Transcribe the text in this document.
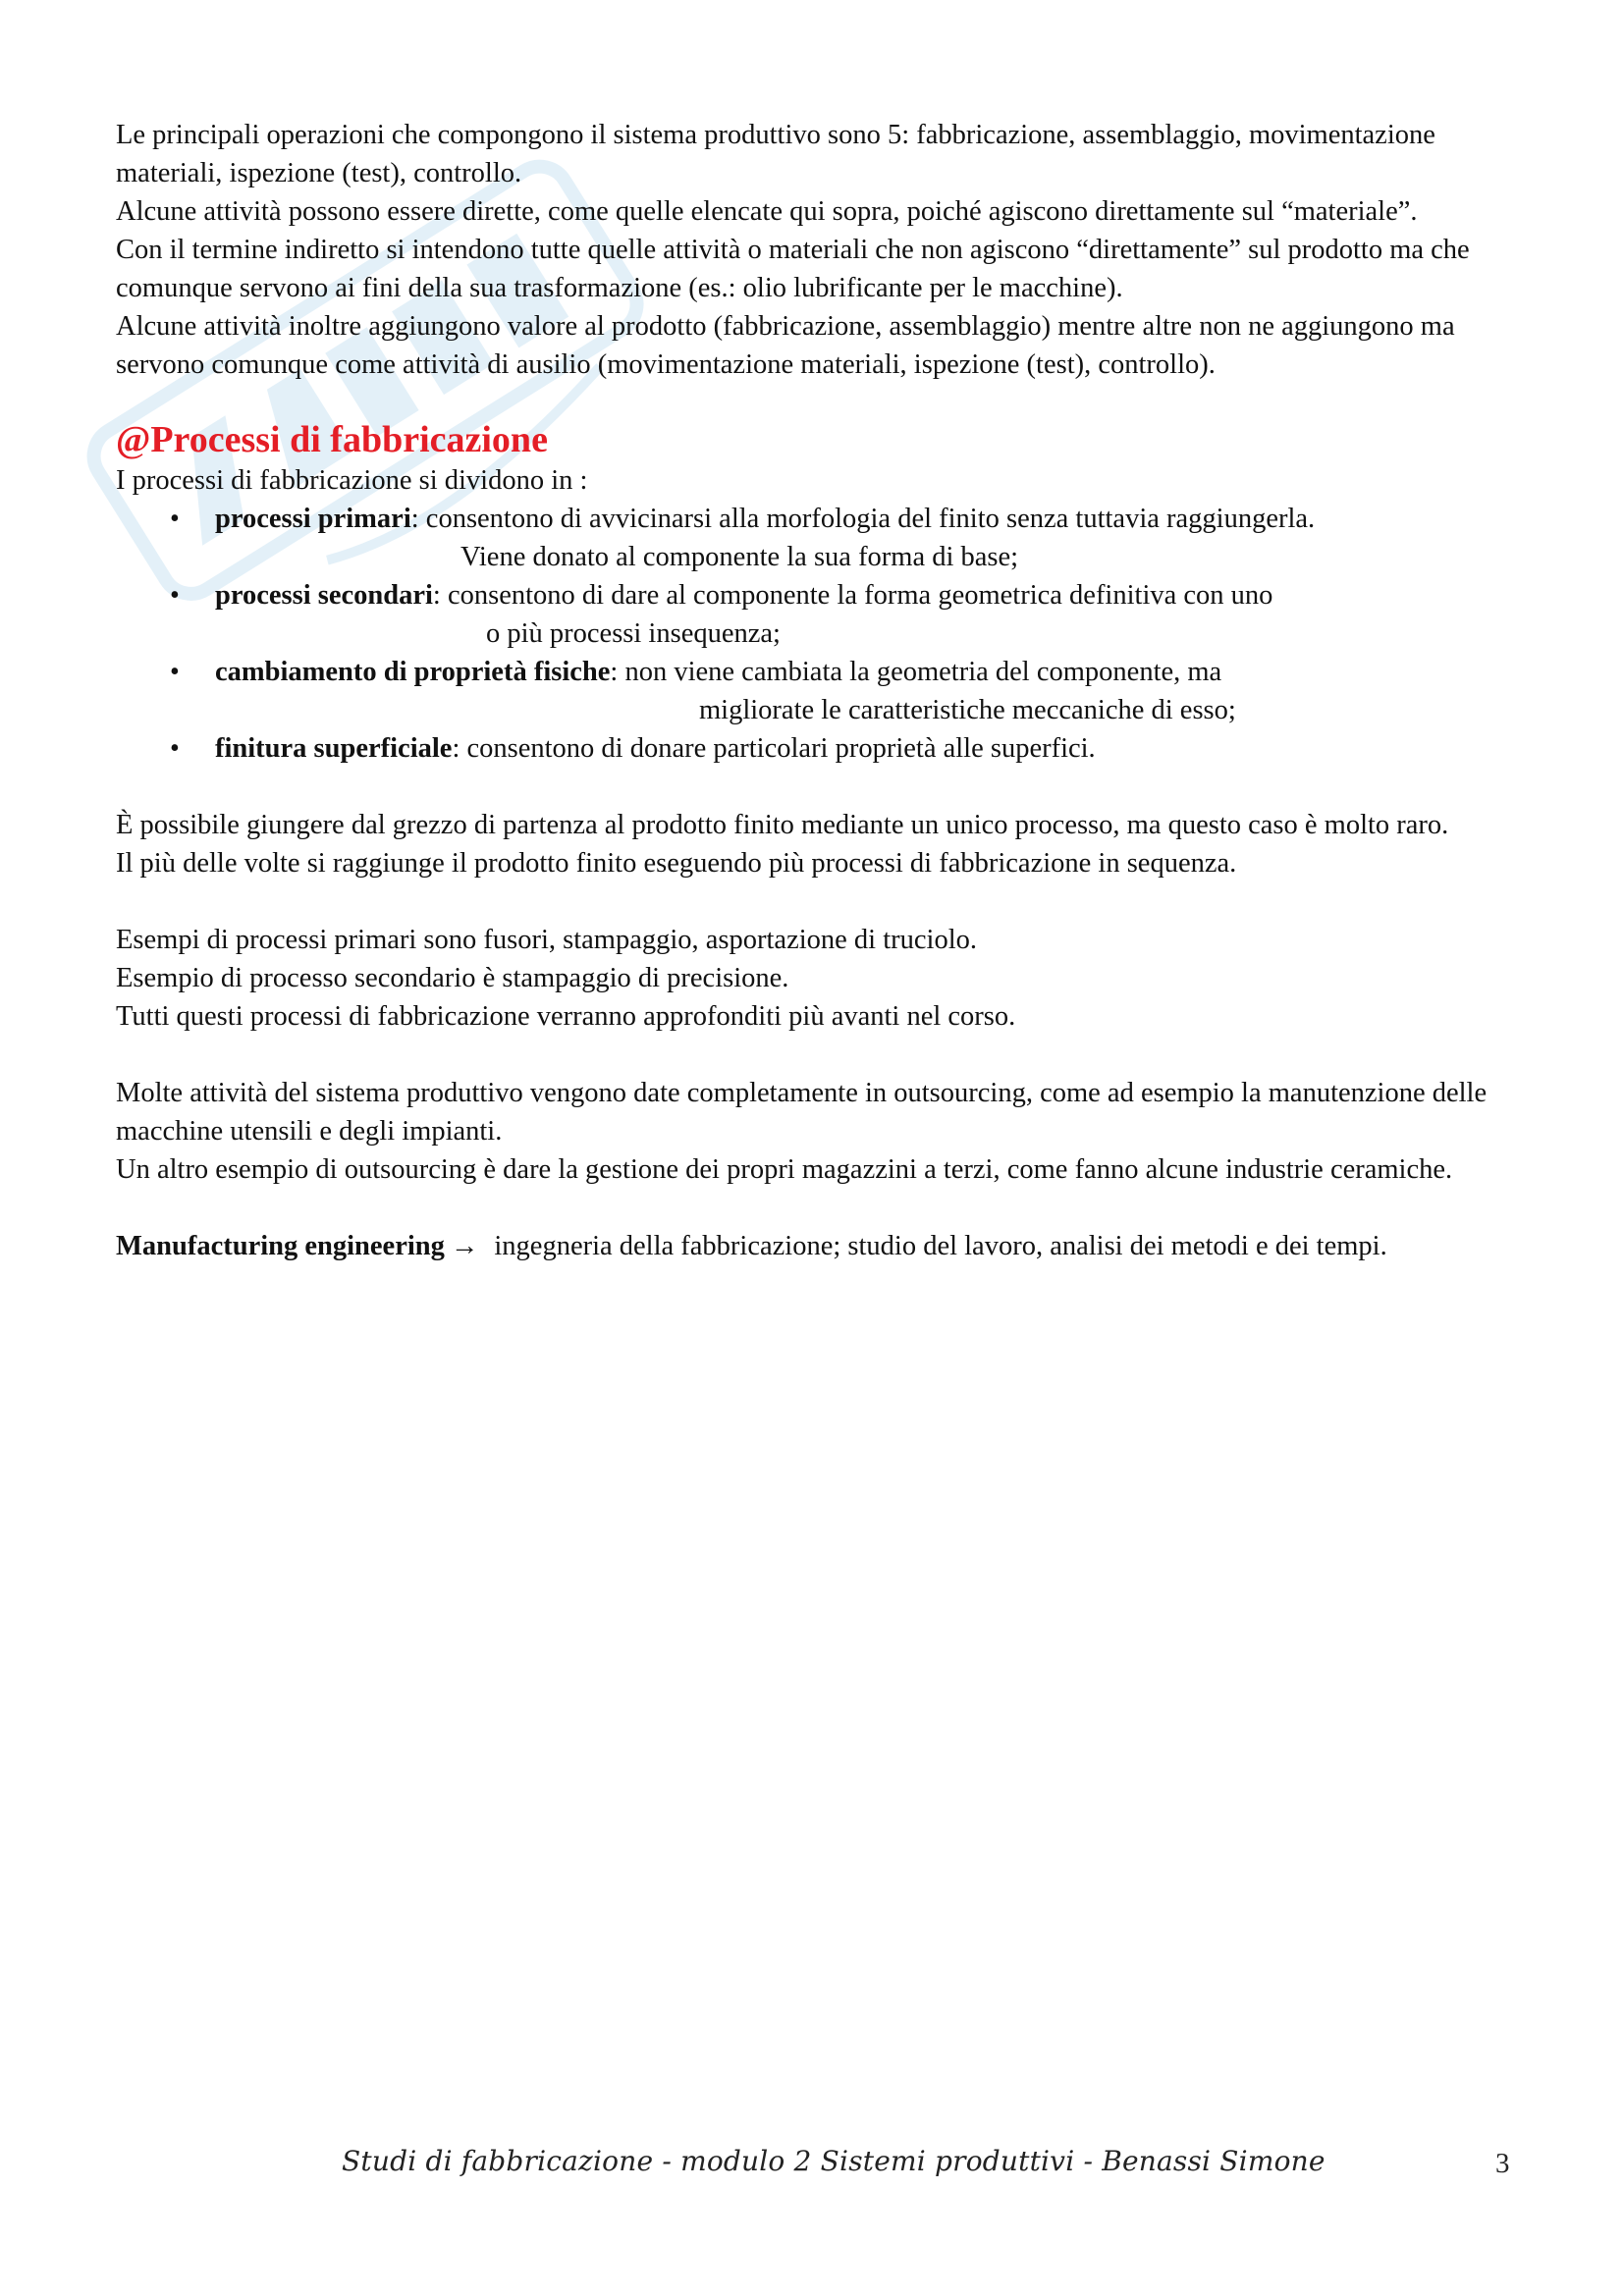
Le principali operazioni che compongono il sistema produttivo sono 5: fabbricazione, assemblaggio, movimentazione materiali, ispezione (test), controllo.

Alcune attività possono essere dirette, come quelle elencate qui sopra, poiché agiscono direttamente sul “materiale”.

Con il termine indiretto si intendono tutte quelle attività o materiali che non agiscono “direttamente” sul prodotto ma che comunque servono ai fini della sua trasformazione (es.: olio lubrificante per le macchine).

Alcune attività inoltre aggiungono valore al prodotto (fabbricazione, assemblaggio) mentre altre non ne aggiungono ma servono comunque come attività di ausilio (movimentazione materiali, ispezione (test), controllo).

@Processi di fabbricazione

I processi di fabbricazione si dividono in :

• processi primari: consentono di avvicinarsi alla morfologia del finito senza tuttavia raggiungerla.
Viene donato al componente la sua forma di base;
• processi secondari: consentono di dare al componente la forma geometrica definitiva con uno
o più processi insequenza;
• cambiamento di proprietà fisiche: non viene cambiata la geometria del componente, ma
migliorate le caratteristiche meccaniche di esso;
• finitura superficiale: consentono di donare particolari proprietà alle superfici.

È possibile giungere dal grezzo di partenza al prodotto finito mediante un unico processo, ma questo caso è molto raro.

Il più delle volte si raggiunge il prodotto finito eseguendo più processi di fabbricazione in sequenza.

Esempi di processi primari sono fusori, stampaggio, asportazione di truciolo.

Esempio di processo secondario è stampaggio di precisione.

Tutti questi processi di fabbricazione verranno approfonditi più avanti nel corso.

Molte attività del sistema produttivo vengono date completamente in outsourcing, come ad esempio la manutenzione delle macchine utensili e degli impianti.

Un altro esempio di outsourcing è dare la gestione dei propri magazzini a terzi, come fanno alcune industrie ceramiche.

Manufacturing engineering → ingegneria della fabbricazione; studio del lavoro, analisi dei metodi e dei tempi.
Studi di fabbricazione - modulo 2 Sistemi produttivi - Benassi Simone	3
